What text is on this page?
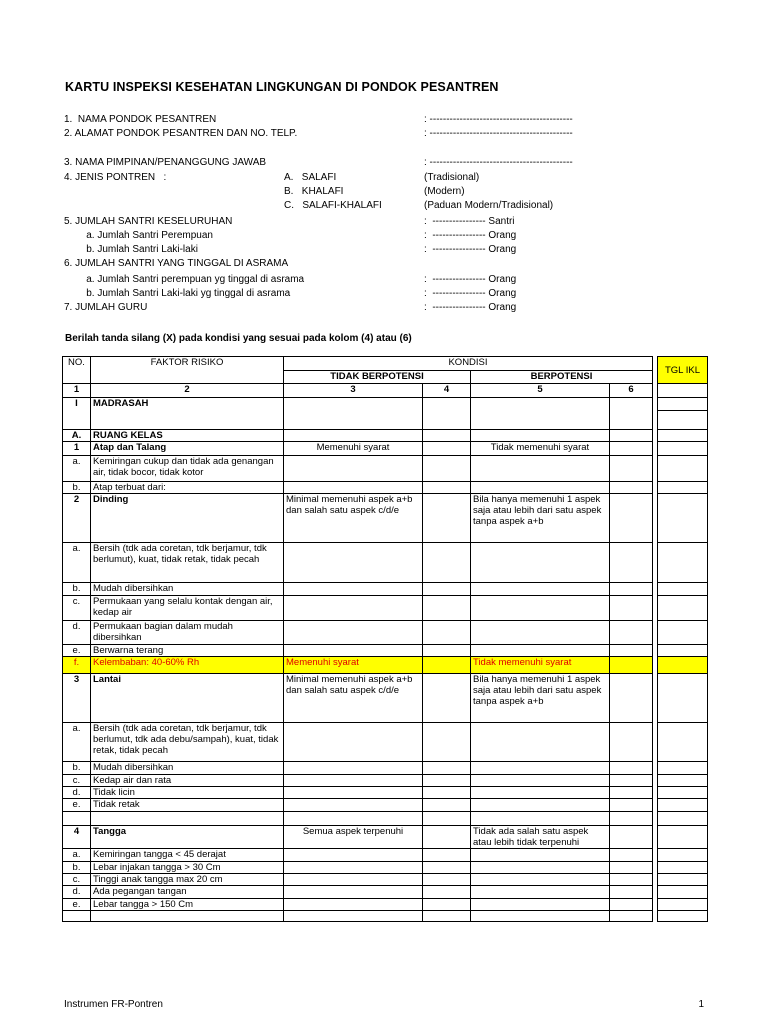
KARTU INSPEKSI KESEHATAN LINGKUNGAN DI PONDOK PESANTREN
1.  NAMA PONDOK PESANTREN	: -------------------------------------------
2. ALAMAT PONDOK PESANTREN DAN NO. TELP.	: -------------------------------------------
3. NAMA PIMPINAN/PENANGGUNG JAWAB	: -------------------------------------------
4. JENIS PONTREN   :	A.   SALAFI	(Tradisional)
B.   KHALAFI	(Modern)
C.   SALAFI-KHALAFI	(Paduan Modern/Tradisional)
5. JUMLAH SANTRI KESELURUHAN	:  ---------------- Santri
a. Jumlah Santri Perempuan	:  ---------------- Orang
b. Jumlah Santri Laki-laki	:  ---------------- Orang
6. JUMLAH SANTRI YANG TINGGAL DI ASRAMA
a. Jumlah Santri perempuan yg tinggal di asrama	:  ---------------- Orang
b. Jumlah Santri Laki-laki yg tinggal di asrama	:  ---------------- Orang
7. JUMLAH GURU	:  ---------------- Orang
Berilah tanda silang (X) pada kondisi yang sesuai pada kolom (4) atau (6)
NO.	FAKTOR RISIKO	KONDISI					TGL IKL
		TIDAK BERPOTENSI		BERPOTENSI			
1	2	3	4	5	6		
I	MADRASAH						

A.	RUANG KELAS						
1	Atap dan Talang	Memenuhi syarat		Tidak memenuhi syarat			
a.	Kemiringan cukup dan tidak ada genangan air, tidak bocor, tidak kotor						
b.	Atap terbuat dari:						
2	Dinding	Minimal memenuhi aspek a+b dan salah satu aspek c/d/e		Bila hanya memenuhi 1 aspek saja atau lebih dari satu aspek tanpa aspek a+b			
a.	Bersih (tdk ada coretan, tdk berjamur, tdk berlumut), kuat, tidak retak, tidak pecah						
b.	Mudah dibersihkan						
c.	Permukaan yang selalu kontak dengan air, kedap air						
d.	Permukaan bagian dalam mudah dibersihkan						
e.	Berwarna terang						
f.	Kelembaban: 40-60% Rh	Memenuhi syarat		Tidak memenuhi syarat			
3	Lantai	Minimal memenuhi aspek a+b dan salah satu aspek c/d/e		Bila hanya memenuhi 1 aspek saja atau lebih dari satu aspek tanpa aspek a+b			
a.	Bersih (tdk ada coretan, tdk berjamur, tdk berlumut, tdk ada debu/sampah), kuat, tidak retak, tidak pecah						
b.	Mudah dibersihkan						
c.	Kedap air dan rata						
d.	Tidak licin						
e.	Tidak retak						

4	Tangga	Semua aspek terpenuhi		Tidak ada salah satu aspek atau lebih tidak terpenuhi			
a.	Kemiringan tangga < 45 derajat						
b.	Lebar injakan tangga > 30 Cm						
c.	Tinggi anak tangga max 20 cm						
d.	Ada pegangan tangan						
e.	Lebar tangga > 150 Cm						

Instrumen FR-Pontren	1
